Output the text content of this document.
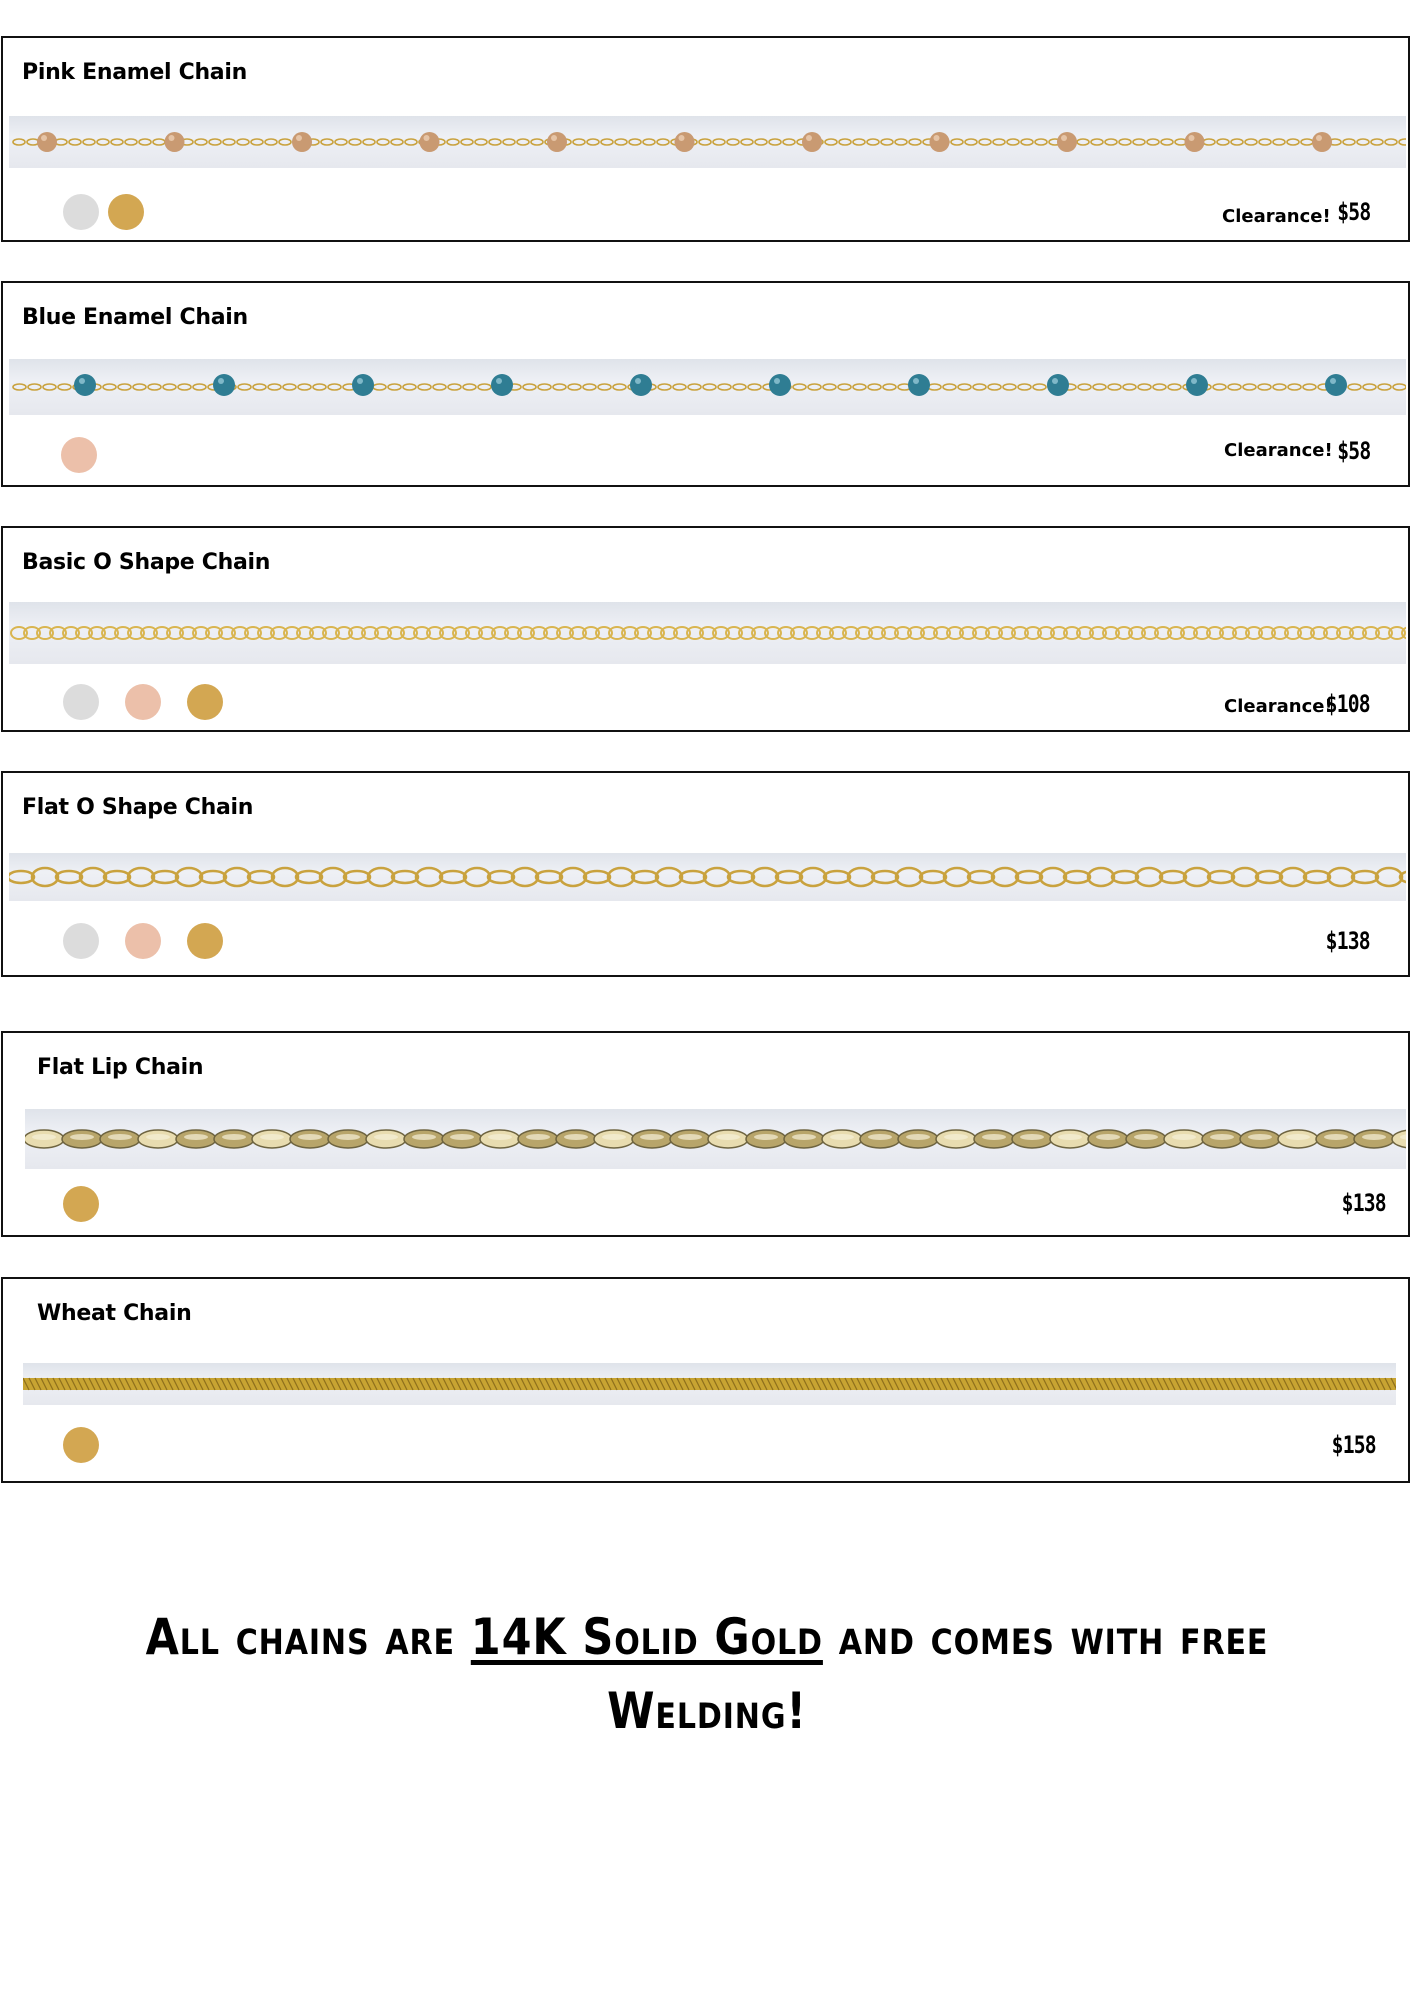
Pink Enamel Chain
Clearance! $58
Blue Enamel Chain
Clearance! $58
Basic O Shape Chain
Clearance!
$108
Flat O Shape Chain
$138
Flat Lip Chain
$138
Wheat Chain
$158
All chains are 14K Solid Gold and comes with free Welding!
